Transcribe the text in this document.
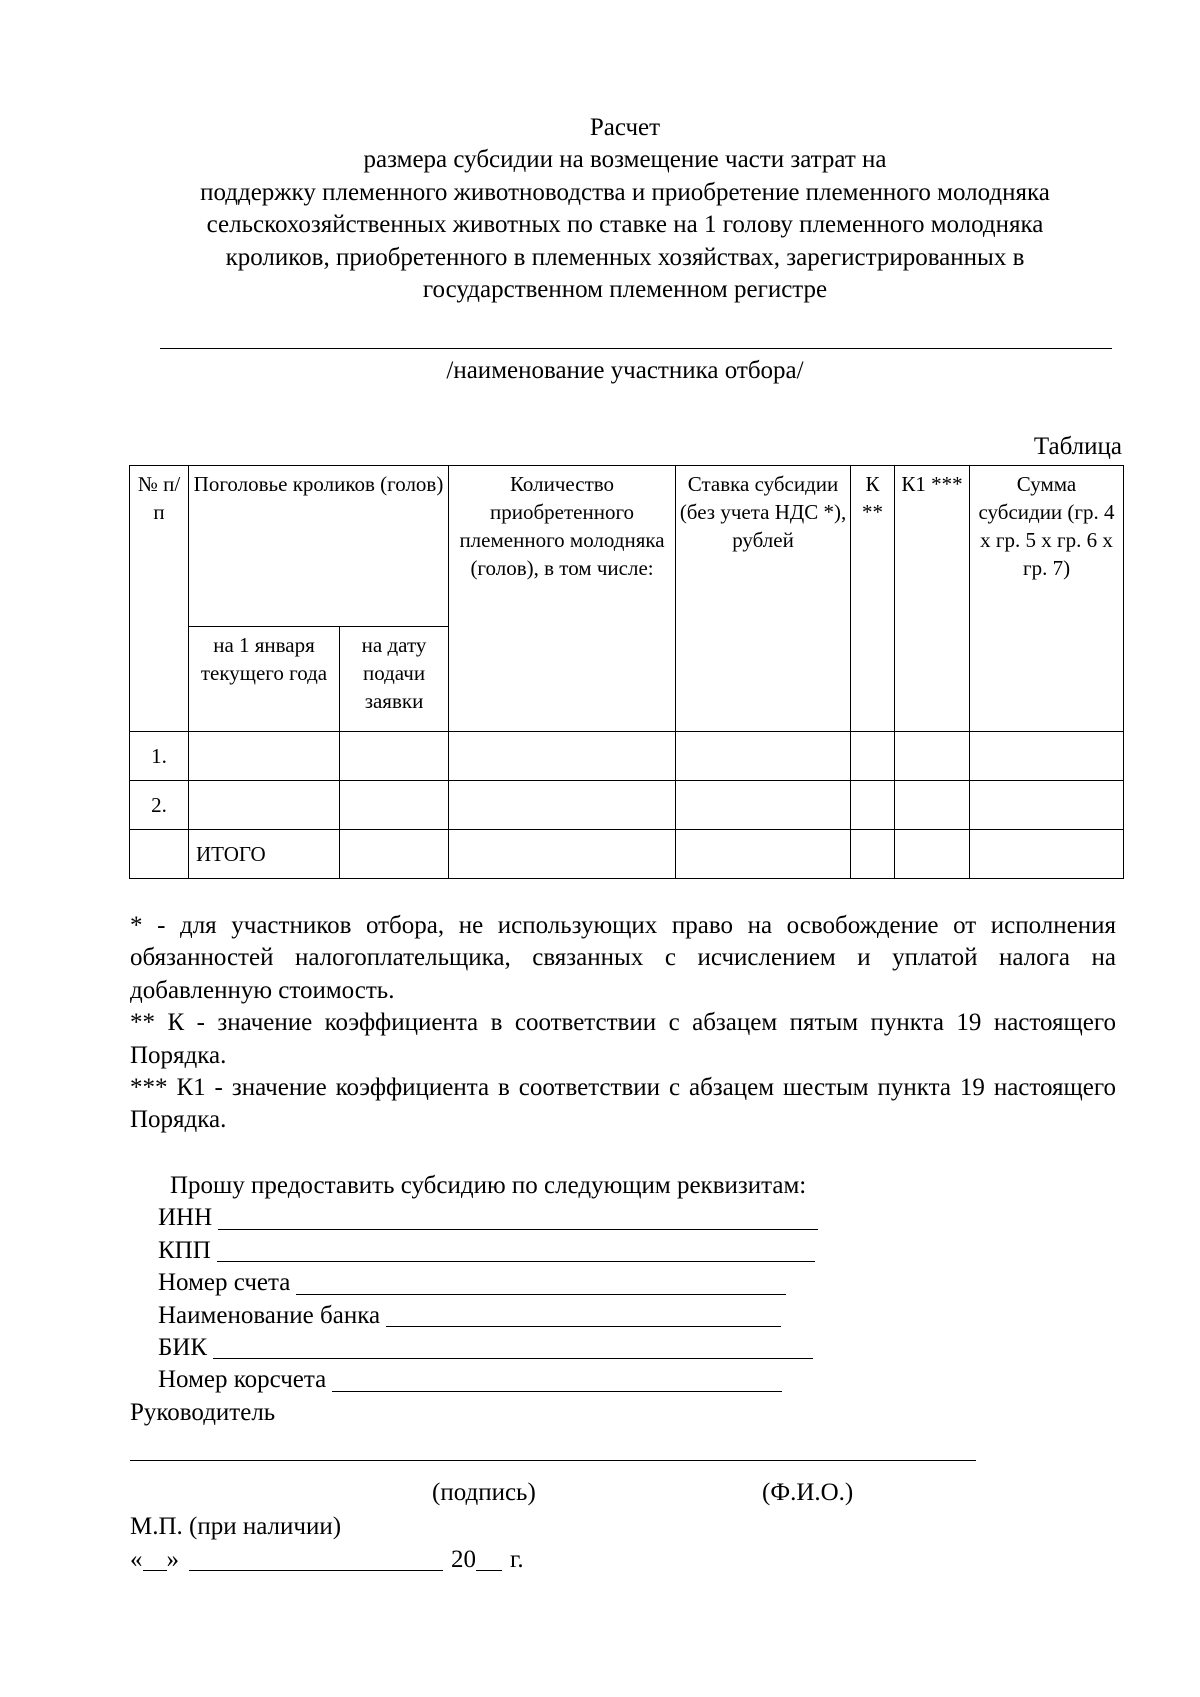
Расчет
размера субсидии на возмещение части затрат на
поддержку племенного животноводства и приобретение племенного молодняка
сельскохозяйственных животных по ставке на 1 голову племенного молодняка
кроликов, приобретенного в племенных хозяйствах, зарегистрированных в
государственном племенном регистре
/наименование участника отбора/
Таблица
№ п/п	Поголовье кроликов (голов)		Количество приобретенного племенного молодняка (голов), в том числе:	Ставка субсидии (без учета НДС *), рублей	К **	К1 ***	Сумма субсидии (гр. 4 х гр. 5 х гр. 6 х гр. 7)
	на 1 января текущего года	на дату подачи заявки					
1.							
2.							
	ИТОГО						

* - для участников отбора, не использующих право на освобождение от исполнения обязанностей налогоплательщика, связанных с исчислением и уплатой налога на добавленную стоимость.

** К - значение коэффициента в соответствии с абзацем пятым пункта 19 настоящего Порядка.

*** К1 - значение коэффициента в соответствии с абзацем шестым пункта 19 настоящего Порядка.

Прошу предоставить субсидию по следующим реквизитам:
ИНН
КПП
Номер счета
Наименование банка
БИК
Номер корсчета
Руководитель
(подпись)	(Ф.И.О.)
М.П. (при наличии)
« »	20 г.
